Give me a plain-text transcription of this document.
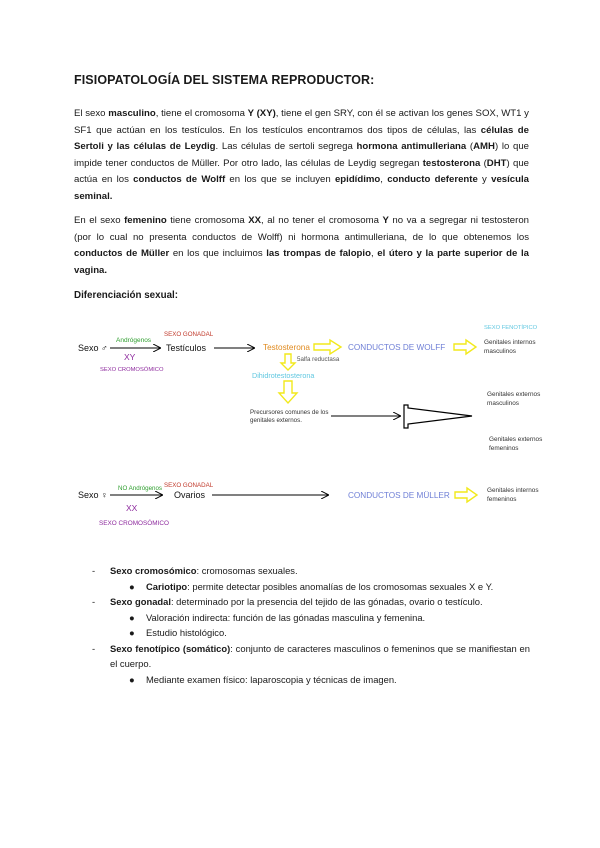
FISIOPATOLOGÍA DEL SISTEMA REPRODUCTOR:
El sexo masculino, tiene el cromosoma Y (XY), tiene el gen SRY, con él se activan los genes SOX, WT1 y SF1 que actúan en los testículos. En los testículos encontramos dos tipos de células, las células de Sertoli y las células de Leydig. Las células de sertoli segrega hormona antimulleriana (AMH) lo que impide tener conductos de Müller. Por otro lado, las células de Leydig segregan testosterona (DHT) que actúa en los conductos de Wolff en los que se incluyen epidídimo, conducto deferente y vesícula seminal.
En el sexo femenino tiene cromosoma XX, al no tener el cromosoma Y no va a segregar ni testosteron (por lo cual no presenta conductos de Wolff) ni hormona antimulleriana, de lo que obtenemos los conductos de Müller en los que incluimos las trompas de falopio, el útero y la parte superior de la vagina.
Diferenciación sexual:
Sexo ♂
Andrógenos
XY
SEXO CROMOSÓMICO
SEXO GONADAL
Testículos	Testosterona	CONDUCTOS DE WOLFF
SEXO FENOTÍPICO
Genitales internos
masculinos
5alfa reductasa
Dihidrotestosterona
Precursores comunes de los
genitales externos.
Genitales externos
masculinos
Genitales externos
femeninos
Sexo ♀
NO Andrógenos
XX
SEXO CROMOSÓMICO
SEXO GONADAL
Ovarios	CONDUCTOS DE MÜLLER
Genitales internos
femeninos
- Sexo cromosómico: cromosomas sexuales.
● Cariotipo: permite detectar posibles anomalías de los cromosomas sexuales X e Y.
- Sexo gonadal: determinado por la presencia del tejido de las gónadas, ovario o testículo.
● Valoración indirecta: función de las gónadas masculina y femenina.
● Estudio histológico.
- Sexo fenotípico (somático): conjunto de caracteres masculinos o femeninos que se manifiestan en el cuerpo.
● Mediante examen físico: laparoscopia y técnicas de imagen.
